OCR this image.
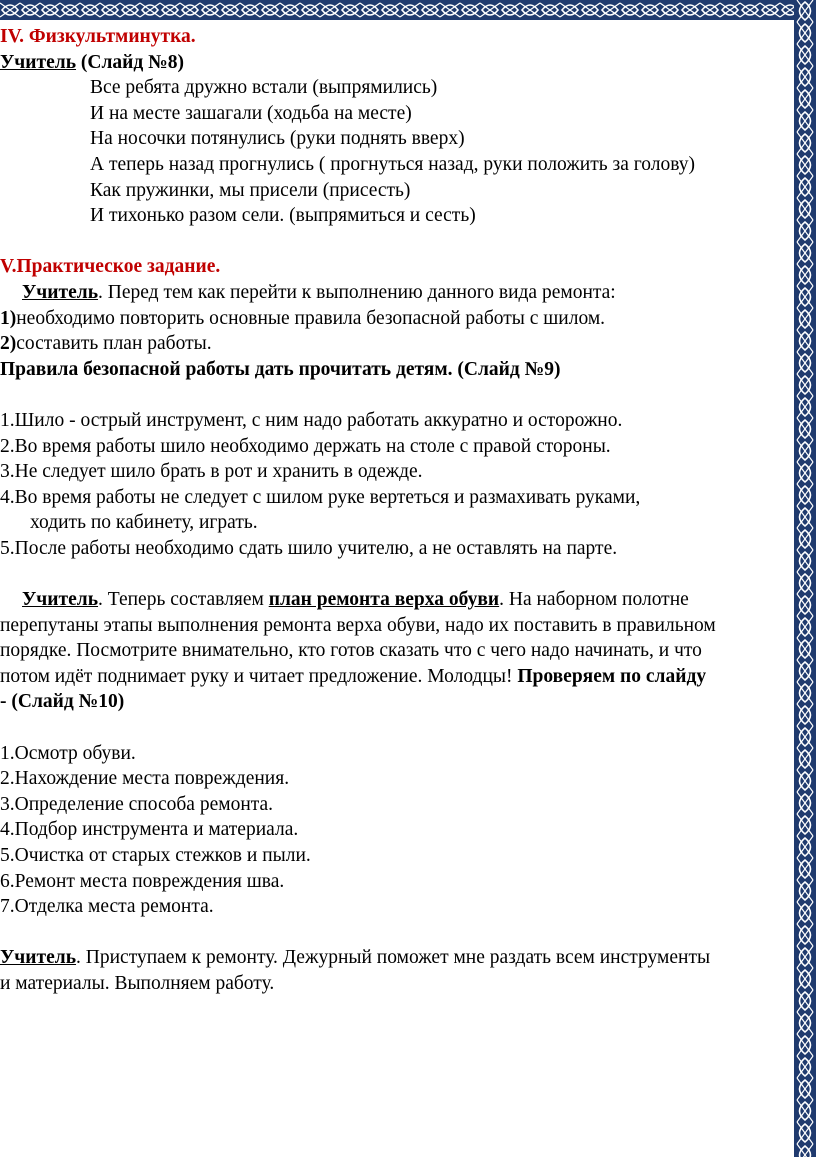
IV. Физкультминутка.
Учитель (Слайд №8)
Все ребята дружно встали (выпрямились)
И на месте зашагали (ходьба на месте)
На носочки потянулись (руки поднять вверх)
А теперь назад прогнулись ( прогнуться назад, руки положить за голову)
Как пружинки, мы присели (присесть)
И тихонько разом сели. (выпрямиться и сесть)
V.Практическое задание.
Учитель. Перед тем как перейти к выполнению данного вида ремонта:
1)необходимо повторить основные правила безопасной работы с шилом.
2)составить план работы.
Правила безопасной работы дать прочитать детям. (Слайд №9)
1.Шило - острый инструмент, с ним надо работать аккуратно и осторожно.
2.Во время работы шило необходимо держать на столе с правой стороны.
3.Не следует шило брать в рот и хранить в одежде.
4.Во время работы не следует с шилом руке вертеться и размахивать руками,
ходить по кабинету, играть.
5.После работы необходимо сдать шило учителю, а не оставлять на парте.
Учитель. Теперь составляем план ремонта верха обуви. На наборном полотне
перепутаны этапы выполнения ремонта верха обуви, надо их поставить в правильном
порядке. Посмотрите внимательно, кто готов сказать что с чего надо начинать, и что
потом идёт поднимает руку и читает предложение. Молодцы! Проверяем по слайду
- (Слайд №10)
1.Осмотр обуви.
2.Нахождение места повреждения.
3.Определение способа ремонта.
4.Подбор инструмента и материала.
5.Очистка от старых стежков и пыли.
6.Ремонт места повреждения шва.
7.Отделка места ремонта.
Учитель. Приступаем к ремонту. Дежурный поможет мне раздать всем инструменты
и материалы. Выполняем работу.
